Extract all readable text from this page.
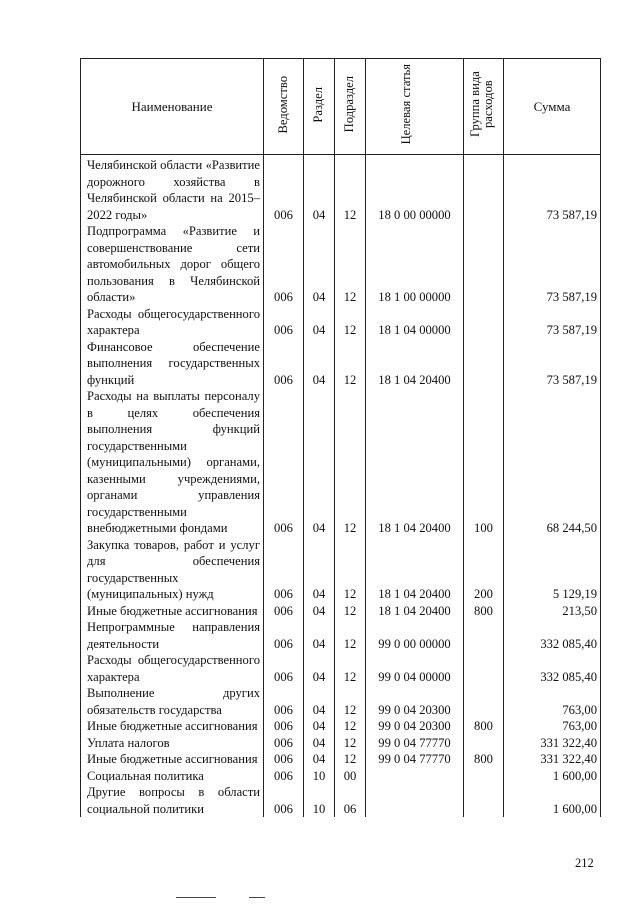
Наименование	Ведомство	Раздел	Подраздел	Целевая статья	Группа вида расходов	Сумма
Челябинской области «Развитие дорожного хозяйства в Челябинской области на 2015–2022 годы»	006	04	12	18 0 00 00000		73 587,19
Подпрограмма «Развитие и совершенствование сети автомобильных дорог общего пользования в Челябинской области»	006	04	12	18 1 00 00000		73 587,19
Расходы общегосударственного характера	006	04	12	18 1 04 00000		73 587,19
Финансовое обеспечение выполнения государственных функций	006	04	12	18 1 04 20400		73 587,19
Расходы на выплаты персоналу в целях обеспечения выполнения функций государственными (муниципальными) органами, казенными учреждениями, органами управления государственными внебюджетными фондами	006	04	12	18 1 04 20400	100	68 244,50
Закупка товаров, работ и услуг для обеспечения государственных (муниципальных) нужд	006	04	12	18 1 04 20400	200	5 129,19
Иные бюджетные ассигнования	006	04	12	18 1 04 20400	800	213,50
Непрограммные направления деятельности	006	04	12	99 0 00 00000		332 085,40
Расходы общегосударственного характера	006	04	12	99 0 04 00000		332 085,40
Выполнение других обязательств государства	006	04	12	99 0 04 20300		763,00
Иные бюджетные ассигнования	006	04	12	99 0 04 20300	800	763,00
Уплата налогов	006	04	12	99 0 04 77770		331 322,40
Иные бюджетные ассигнования	006	04	12	99 0 04 77770	800	331 322,40
Социальная политика	006	10	00			1 600,00
Другие вопросы в области социальной политики	006	10	06			1 600,00
212
